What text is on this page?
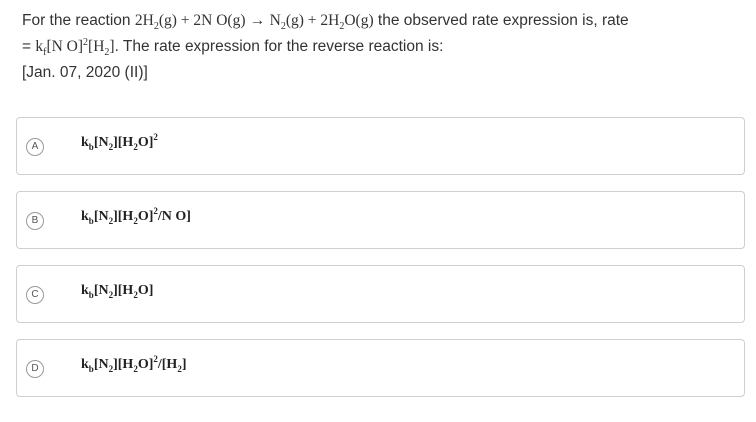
For the reaction $2H_2(g) + 2N$ $O(g) \to N_2(g) + 2H_2O(g)$ the observed rate expression is, rate
= $k_f[N$ $O]^2[H_2]$. The rate expression for the reverse reaction is:
[Jan. 07, 2020 (II)]
A	$k_b[N_2][H_2O]^2$
B	$k_b[N_2][H_2O]^2/N$ O]
C	$k_b[N_2][H_2O]$
D	$k_b[N_2][H_2O]^2/[H_2]$
